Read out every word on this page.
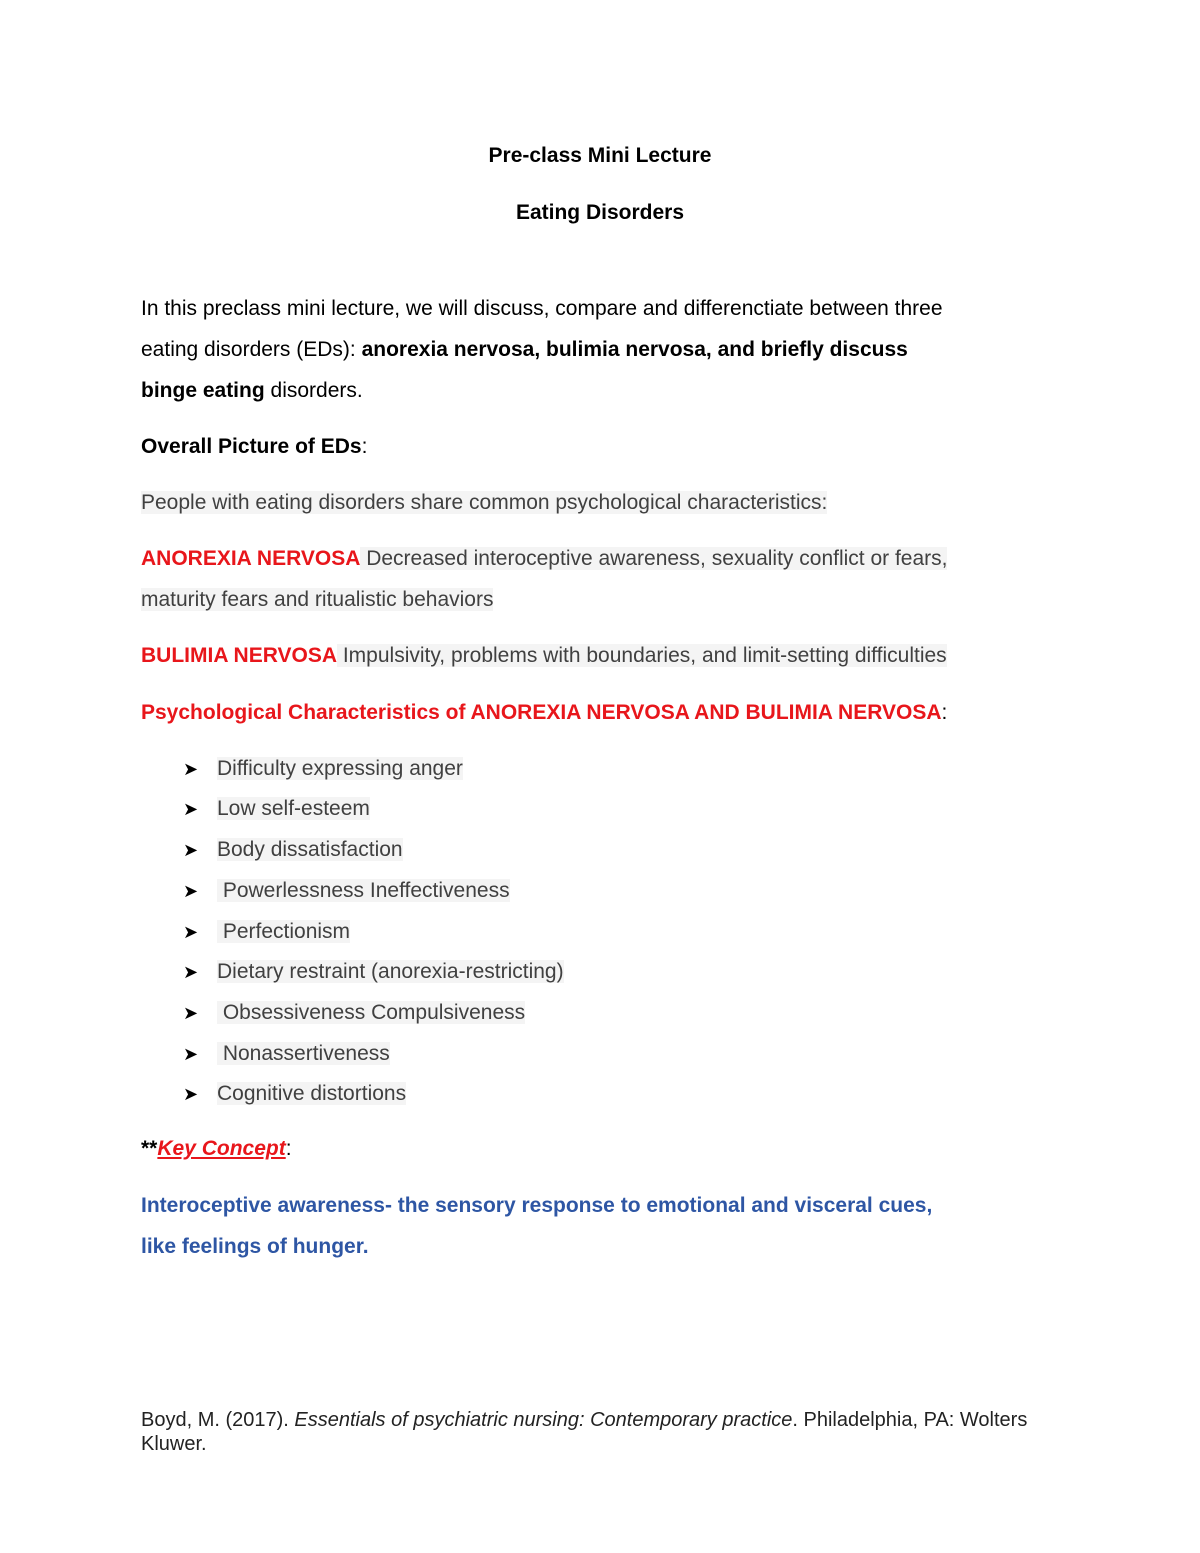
Pre-class Mini Lecture
Eating Disorders
In this preclass mini lecture, we will discuss, compare and differenctiate between three
eating disorders (EDs): anorexia nervosa, bulimia nervosa, and briefly discuss
binge eating disorders.
Overall Picture of EDs:
People with eating disorders share common psychological characteristics:
ANOREXIA NERVOSA Decreased interoceptive awareness, sexuality conflict or fears,
maturity fears and ritualistic behaviors
BULIMIA NERVOSA Impulsivity, problems with boundaries, and limit-setting difficulties
Psychological Characteristics of ANOREXIA NERVOSA AND BULIMIA NERVOSA:
➤ Difficulty expressing anger
➤ Low self-esteem
➤ Body dissatisfaction
➤ Powerlessness Ineffectiveness
➤ Perfectionism
➤ Dietary restraint (anorexia-restricting)
➤ Obsessiveness Compulsiveness
➤ Nonassertiveness
➤ Cognitive distortions
**Key Concept:
Interoceptive awareness- the sensory response to emotional and visceral cues,
like feelings of hunger.
Boyd, M. (2017). Essentials of psychiatric nursing: Contemporary practice. Philadelphia, PA: Wolters Kluwer.
